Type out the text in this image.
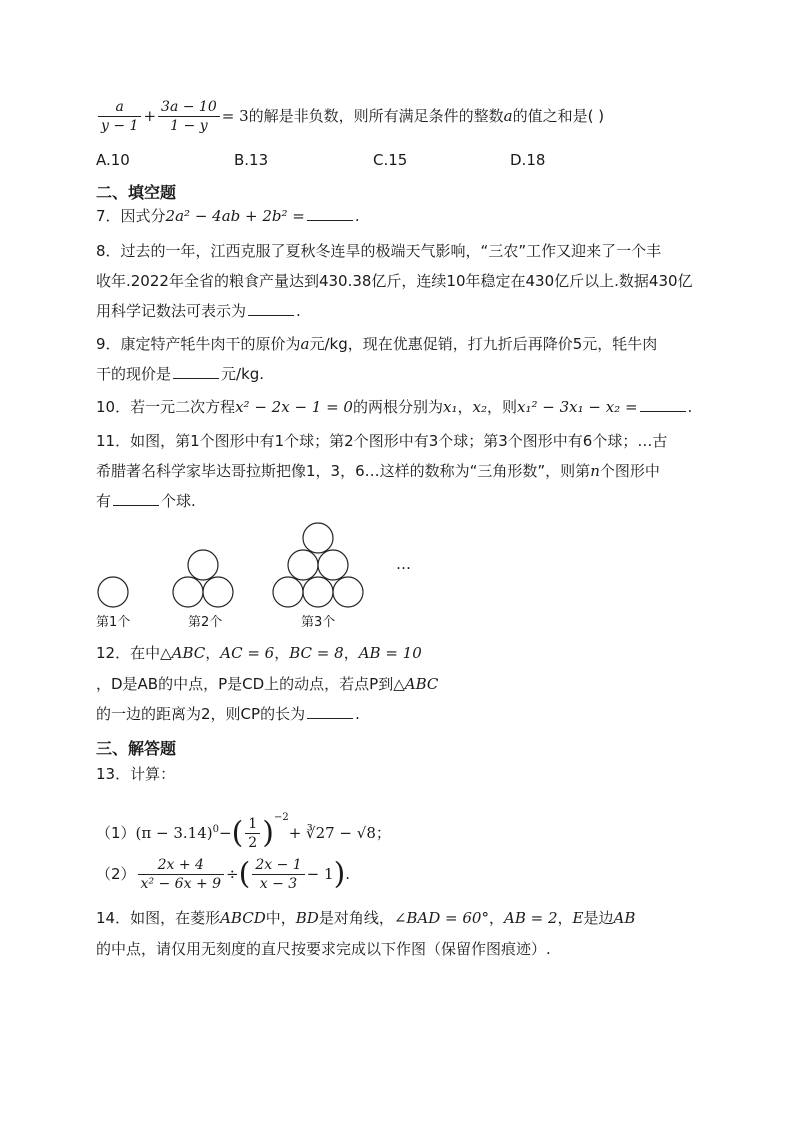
$\frac{a}{y - 1} + \frac{3a - 10}{1 - y} = 3$的解是非负数，则所有满足条件的整数a的值之和是( )
A.10	B.13	C.15	D.18
二、填空题
7．因式分2a² − 4ab + 2b² =	.
8．过去的一年，江西克服了夏秋冬连旱的极端天气影响，“三农”工作又迎来了一个丰
收年.2022年全省的粮食产量达到430.38亿斤，连续10年稳定在430亿斤以上.数据430亿
用科学记数法可表示为	.
9．康定特产牦牛肉干的原价为a元/kg，现在优惠促销，打九折后再降价5元，牦牛肉
干的现价是	元/kg.
10．若一元二次方程x² − 2x − 1 = 0的两根分别为x₁，x₂，则x₁² − 3x₁ − x₂ =	.
11．如图，第1个图形中有1个球；第2个图形中有3个球；第3个图形中有6个球；…古
希腊著名科学家毕达哥拉斯把像1，3，6…这样的数称为“三角形数”，则第n个图形中
有	个球.
…
第1个	第2个	第3个
12．在中△ABC，AC = 6，BC = 8，AB = 10
，D是AB的中点，P是CD上的动点，若点P到△ABC
的一边的距离为2，则CP的长为	.
三、解答题
13．计算：
$(1)(\pi - 3.14)^0-( \frac{1}{2} )^{-2}+$ ∛27 − √8；
$(2) \frac{2x + 4}{\text{x² − 6x + 9}}$ ÷( $\frac{2x - 1}{x - 3} - 1$).
14．如图，在菱形ABCD中，BD是对角线，∠BAD = 60°，AB = 2，E是边AB
的中点，请仅用无刻度的直尺按要求完成以下作图（保留作图痕迹）.
